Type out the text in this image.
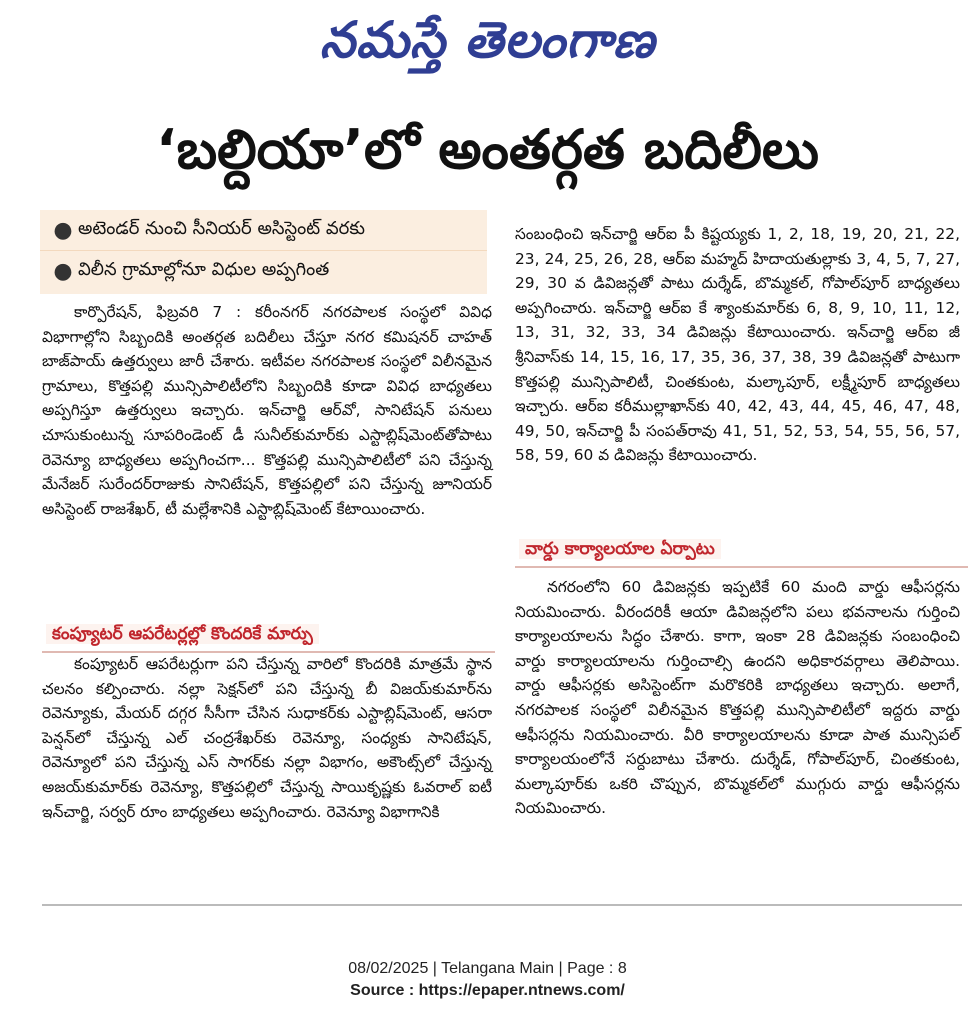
నమస్తే తెలంగాణ
‘బల్దియా’లో అంతర్గత బదిలీలు
● అటెండర్ నుంచి సీనియర్ అసిస్టెంట్ వరకు
● విలీన గ్రామాల్లోనూ విధుల అప్పగింత

కార్పొరేషన్, ఫిబ్రవరి 7 : కరీంనగర్ నగరపాలక సంస్థలో వివిధ విభాగాల్లోని సిబ్బందికి అంతర్గత బదిలీలు చేస్తూ నగర కమిషనర్ చాహత్ బాజ్‌పాయ్ ఉత్తర్వులు జారీ చేశారు. ఇటీవల నగరపాలక సంస్థలో విలీనమైన గ్రామాలు, కొత్తపల్లి మున్సిపాలిటీలోని సిబ్బందికి కూడా వివిధ బాధ్యతలు అప్పగిస్తూ ఉత్తర్వులు ఇచ్చారు. ఇన్‌చార్జి ఆర్‌వో, సానిటేషన్ పనులు చూసుకుంటున్న సూపరిండెంట్ డీ సునీల్‌కుమార్‌కు ఎస్టాబ్లిష్‌మెంట్‌తోపాటు రెవెన్యూ బాధ్యతలు అప్పగించగా... కొత్తపల్లి మున్సిపాలిటీలో పని చేస్తున్న మేనేజర్ సురేందర్‌రాజుకు సానిటేషన్, కొత్తపల్లిలో పని చేస్తున్న జూనియర్ అసిస్టెంట్ రాజశేఖర్, టీ మల్లేశానికి ఎస్టాబ్లిష్‌మెంట్ కేటాయించారు.

కంప్యూటర్ ఆపరేటర్లల్లో కొందరికే మార్పు

కంప్యూటర్ ఆపరేటర్లుగా పని చేస్తున్న వారిలో కొందరికి మాత్రమే స్థాన చలనం కల్పించారు. నల్లా సెక్షన్‌లో పని చేస్తున్న బీ విజయ్‌కుమార్‌ను రెవెన్యూకు, మేయర్ దగ్గర సీసీగా చేసిన సుధాకర్‌కు ఎస్టాబ్లిష్‌మెంట్, ఆసరా పెన్షన్‌లో చేస్తున్న ఎల్ చంద్రశేఖర్‌కు రెవెన్యూ, సంధ్యకు సానిటేషన్, రెవెన్యూలో పని చేస్తున్న ఎస్ సాగర్‌కు నల్లా విభాగం, అకౌంట్స్‌లో చేస్తున్న అజయ్‌కుమార్‌కు రెవెన్యూ, కొత్తపల్లిలో చేస్తున్న సాయికృష్ణకు ఓవరాల్ ఐటీ ఇన్‌చార్జి, సర్వర్ రూం బాధ్యతలు అప్పగించారు. రెవెన్యూ విభాగానికి

సంబంధించి ఇన్‌చార్జి ఆర్‌ఐ పీ కిష్టయ్యకు 1, 2, 18, 19, 20, 21, 22, 23, 24, 25, 26, 28, ఆర్‌ఐ మహ్మద్ హిదాయతుల్లాకు 3, 4, 5, 7, 27, 29, 30 వ డివిజన్లతో పాటు దుర్శేడ్, బొమ్మకల్, గోపాల్‌పూర్ బాధ్యతలు అప్పగించారు. ఇన్‌చార్జి ఆర్‌ఐ కే శ్యాంకుమార్‌కు 6, 8, 9, 10, 11, 12, 13, 31, 32, 33, 34 డివిజన్లు కేటాయించారు. ఇన్‌చార్జి ఆర్‌ఐ జీ శ్రీనివాస్‌కు 14, 15, 16, 17, 35, 36, 37, 38, 39 డివిజన్లతో పాటుగా కొత్తపల్లి మున్సిపాలిటీ, చింతకుంట, మల్కాపూర్, లక్ష్మీపూర్ బాధ్యతలు ఇచ్చారు. ఆర్‌ఐ కరీముల్లాఖాన్‌కు 40, 42, 43, 44, 45, 46, 47, 48, 49, 50, ఇన్‌చార్జి పీ సంపత్‌రావు 41, 51, 52, 53, 54, 55, 56, 57, 58, 59, 60 వ డివిజన్లు కేటాయించారు.

వార్డు కార్యాలయాల ఏర్పాటు

నగరంలోని 60 డివిజన్లకు ఇప్పటికే 60 మంది వార్డు ఆఫీసర్లను నియమించారు. వీరందరికీ ఆయా డివిజన్లలోని పలు భవనాలను గుర్తించి కార్యాలయాలను సిద్ధం చేశారు. కాగా, ఇంకా 28 డివిజన్లకు సంబంధించి వార్డు కార్యాలయాలను గుర్తించాల్సి ఉందని అధికారవర్గాలు తెలిపాయి. వార్డు ఆఫీసర్లకు అసిస్టెంట్‌గా మరొకరికి బాధ్యతలు ఇచ్చారు. అలాగే, నగరపాలక సంస్థలో విలీనమైన కొత్తపల్లి మున్సిపాలిటీలో ఇద్దరు వార్డు ఆఫీసర్లను నియమించారు. వీరి కార్యాలయాలను కూడా పాత మున్సిపల్ కార్యాలయంలోనే సర్దుబాటు చేశారు. దుర్శేడ్, గోపాల్‌పూర్, చింతకుంట, మల్కాపూర్‌కు ఒకరి చొప్పున, బొమ్మకల్‌లో ముగ్గురు వార్డు ఆఫీసర్లను నియమించారు.

08/02/2025 | Telangana Main | Page : 8
Source : https://epaper.ntnews.com/
